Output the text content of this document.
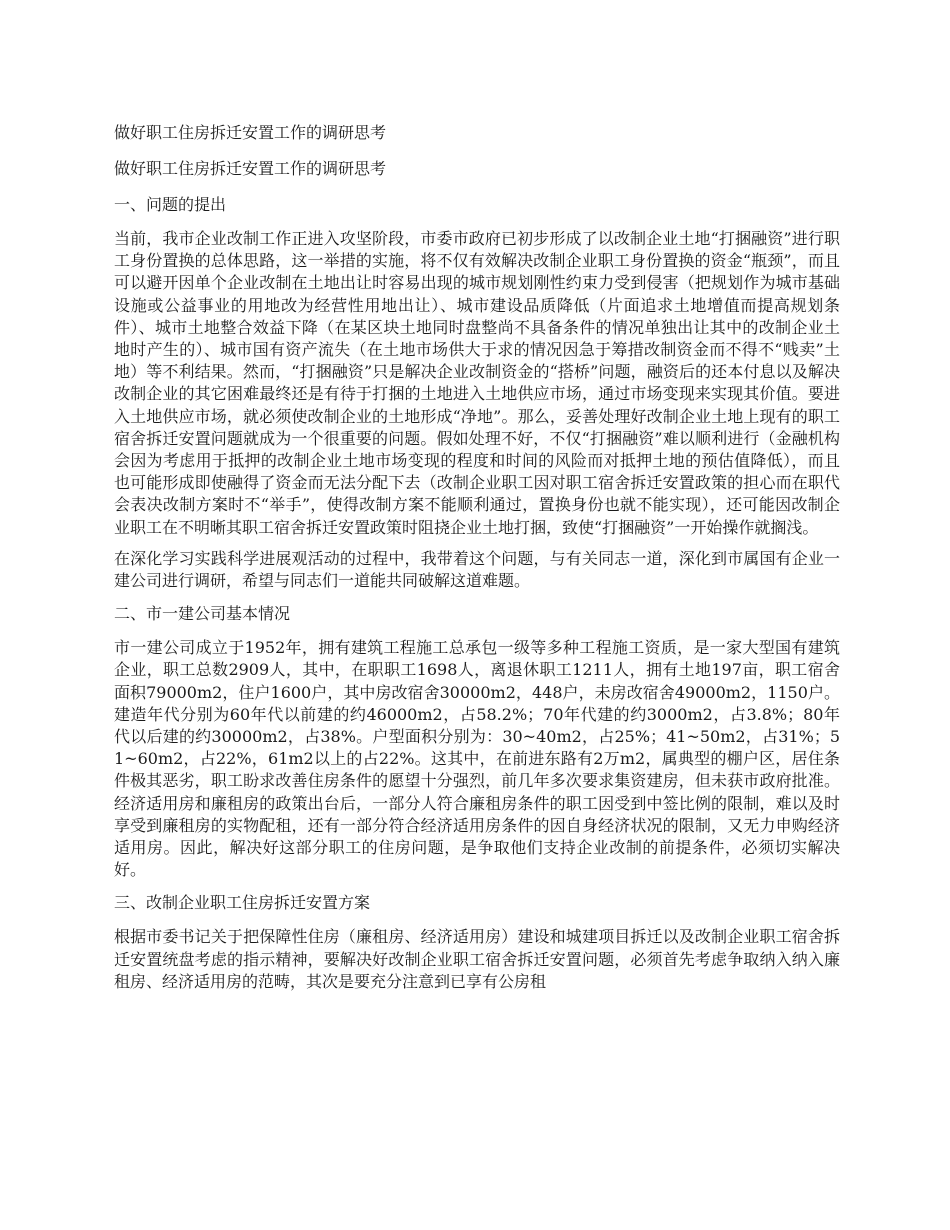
做好职工住房拆迁安置工作的调研思考
做好职工住房拆迁安置工作的调研思考
一、问题的提出

当前，我市企业改制工作正进入攻坚阶段，市委市政府已初步形成了以改制企业土地“打捆融资”进行职工身份置换的总体思路，这一举措的实施，将不仅有效解决改制企业职工身份置换的资金“瓶颈”，而且可以避开因单个企业改制在土地出让时容易出现的城市规划刚性约束力受到侵害（把规划作为城市基础设施或公益事业的用地改为经营性用地出让）、城市建设品质降低（片面追求土地增值而提高规划条件）、城市土地整合效益下降（在某区块土地同时盘整尚不具备条件的情况单独出让其中的改制企业土地时产生的）、城市国有资产流失（在土地市场供大于求的情况因急于筹措改制资金而不得不“贱卖”土地）等不利结果。然而，“打捆融资”只是解决企业改制资金的“搭桥”问题，融资后的还本付息以及解决改制企业的其它困难最终还是有待于打捆的土地进入土地供应市场，通过市场变现来实现其价值。要进入土地供应市场，就必须使改制企业的土地形成“净地”。那么，妥善处理好改制企业土地上现有的职工宿舍拆迁安置问题就成为一个很重要的问题。假如处理不好，不仅“打捆融资”难以顺利进行（金融机构会因为考虑用于抵押的改制企业土地市场变现的程度和时间的风险而对抵押土地的预估值降低），而且也可能形成即使融得了资金而无法分配下去（改制企业职工因对职工宿舍拆迁安置政策的担心而在职代会表决改制方案时不“举手”，使得改制方案不能顺利通过，置换身份也就不能实现），还可能因改制企业职工在不明晰其职工宿舍拆迁安置政策时阻挠企业土地打捆，致使“打捆融资”一开始操作就搁浅。

在深化学习实践科学进展观活动的过程中，我带着这个问题，与有关同志一道，深化到市属国有企业一建公司进行调研，希望与同志们一道能共同破解这道难题。

二、市一建公司基本情况

市一建公司成立于1952年，拥有建筑工程施工总承包一级等多种工程施工资质，是一家大型国有建筑企业，职工总数2909人，其中，在职职工1698人，离退休职工1211人，拥有土地197亩，职工宿舍面积79000m2，住户1600户，其中房改宿舍30000m2，448户，未房改宿舍49000m2，1150户。建造年代分别为60年代以前建的约46000m2，占58.2%；70年代建的约3000m2，占3.8%；80年代以后建的约30000m2，占38%。户型面积分别为：30~40m2，占25%；41~50m2，占31%；51~60m2，占22%，61m2以上的占22%。这其中，在前进东路有2万m2，属典型的棚户区，居住条件极其恶劣，职工盼求改善住房条件的愿望十分强烈，前几年多次要求集资建房，但未获市政府批准。经济适用房和廉租房的政策出台后，一部分人符合廉租房条件的职工因受到中签比例的限制，难以及时享受到廉租房的实物配租，还有一部分符合经济适用房条件的因自身经济状况的限制，又无力申购经济适用房。因此，解决好这部分职工的住房问题，是争取他们支持企业改制的前提条件，必须切实解决好。

三、改制企业职工住房拆迁安置方案

根据市委书记关于把保障性住房（廉租房、经济适用房）建设和城建项目拆迁以及改制企业职工宿舍拆迁安置统盘考虑的指示精神，要解决好改制企业职工宿舍拆迁安置问题，必须首先考虑争取纳入纳入廉租房、经济适用房的范畴，其次是要充分注意到已享有公房租
